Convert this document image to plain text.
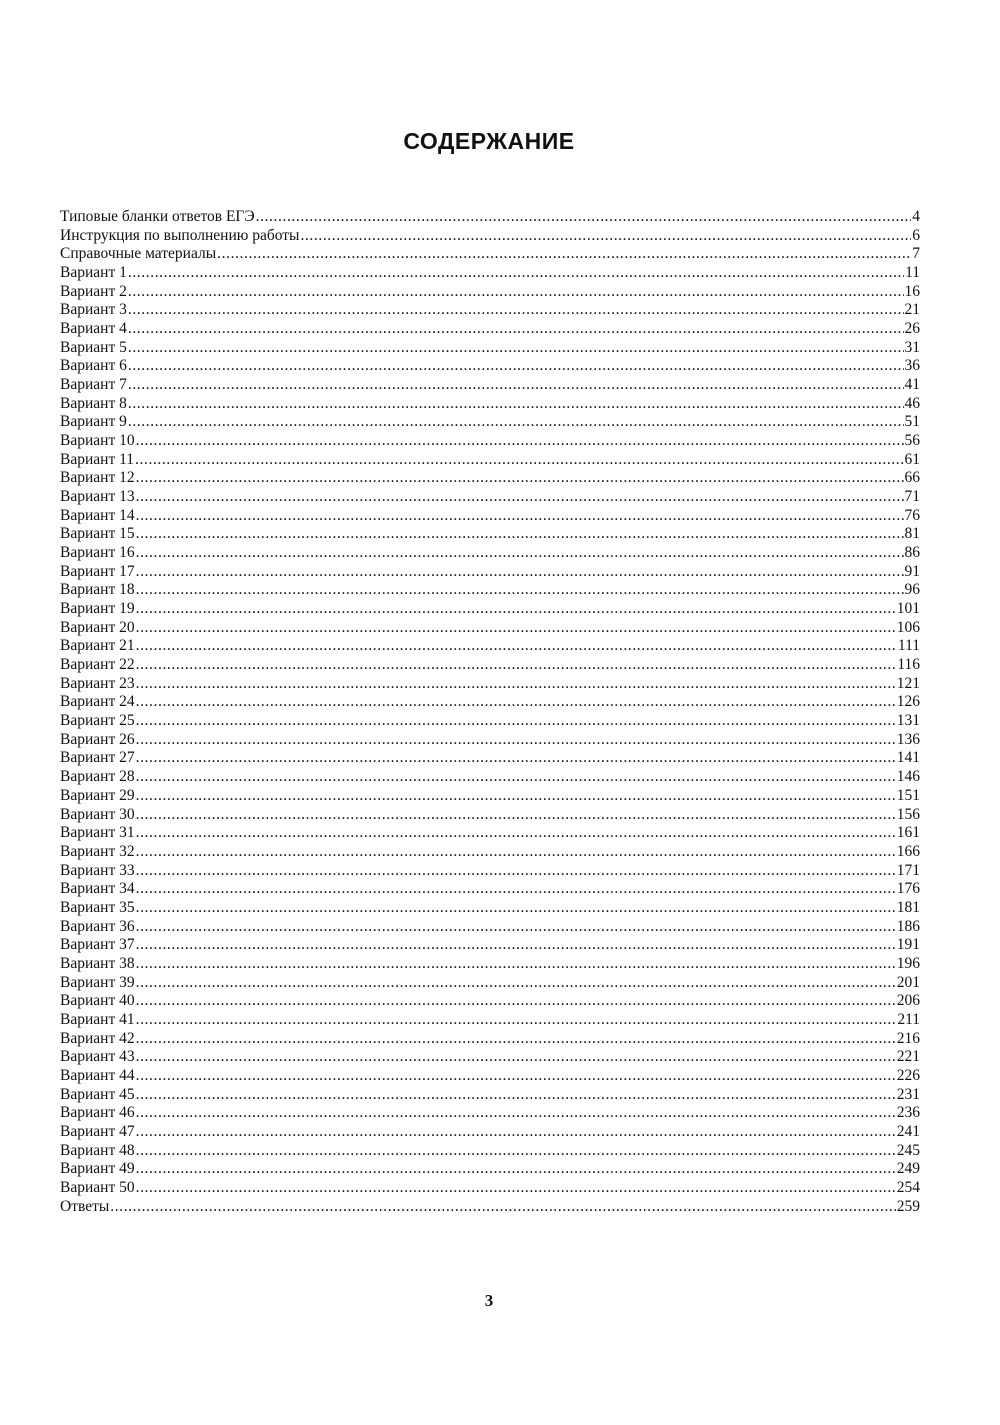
СОДЕРЖАНИЕ
Типовые бланки ответов ЕГЭ .....	4
Инструкция по выполнению работы .....	6
Справочные материалы .....	7
Вариант 1 .....	11
Вариант 2 .....	16
Вариант 3 .....	21
Вариант 4 .....	26
Вариант 5 .....	31
Вариант 6 .....	36
Вариант 7 .....	41
Вариант 8 .....	46
Вариант 9 .....	51
Вариант 10 .....	56
Вариант 11 .....	61
Вариант 12 .....	66
Вариант 13 .....	71
Вариант 14 .....	76
Вариант 15 .....	81
Вариант 16 .....	86
Вариант 17 .....	91
Вариант 18 .....	96
Вариант 19 .....	101
Вариант 20 .....	106
Вариант 21 .....	111
Вариант 22 .....	116
Вариант 23 .....	121
Вариант 24 .....	126
Вариант 25 .....	131
Вариант 26 .....	136
Вариант 27 .....	141
Вариант 28 .....	146
Вариант 29 .....	151
Вариант 30 .....	156
Вариант 31 .....	161
Вариант 32 .....	166
Вариант 33 .....	171
Вариант 34 .....	176
Вариант 35 .....	181
Вариант 36 .....	186
Вариант 37 .....	191
Вариант 38 .....	196
Вариант 39 .....	201
Вариант 40 .....	206
Вариант 41 .....	211
Вариант 42 .....	216
Вариант 43 .....	221
Вариант 44 .....	226
Вариант 45 .....	231
Вариант 46 .....	236
Вариант 47 .....	241
Вариант 48 .....	245
Вариант 49 .....	249
Вариант 50 .....	254
Ответы .....	259
3
